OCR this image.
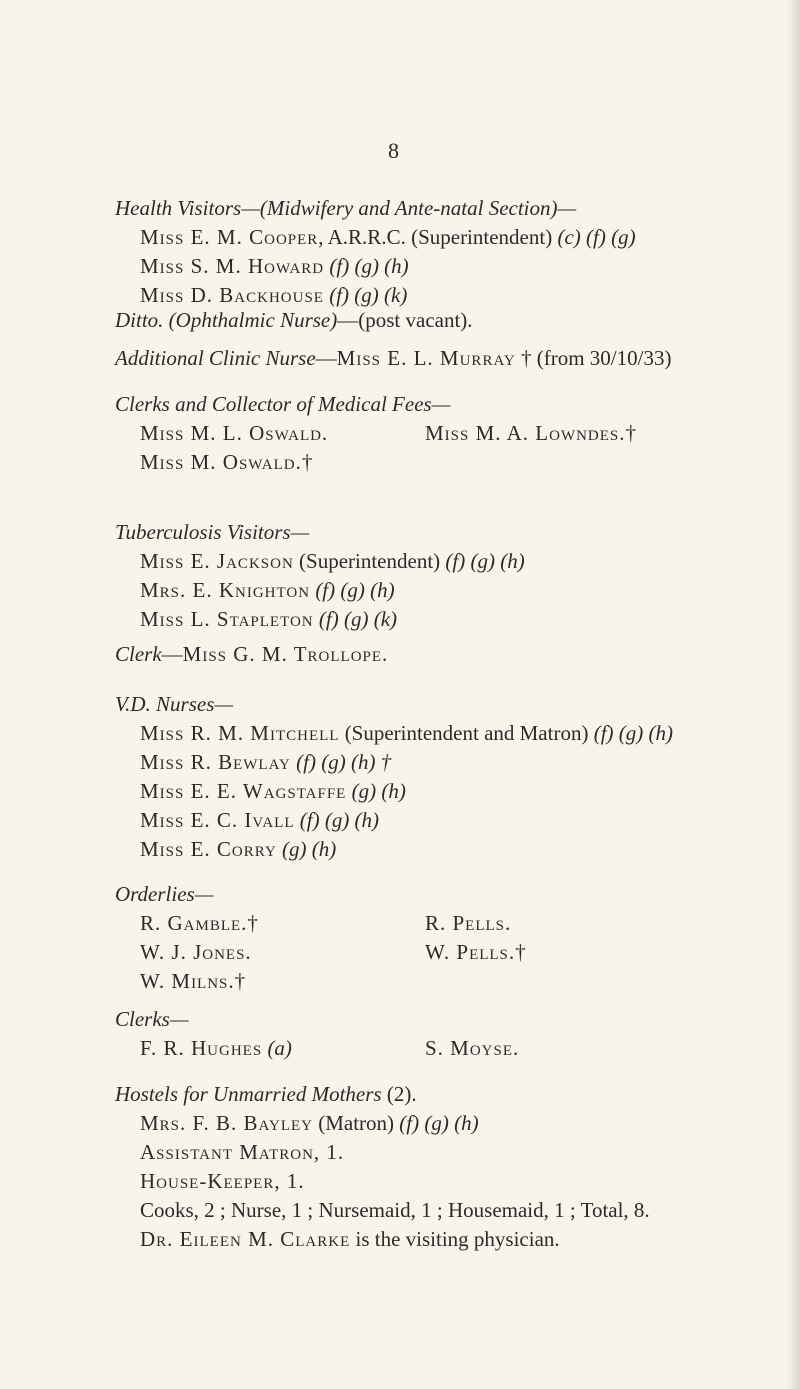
8
Health Visitors—(Midwifery and Ante-natal Section)—
Miss E. M. Cooper, A.R.R.C. (Superintendent) (c) (f) (g)
Miss S. M. Howard (f) (g) (h)
Miss D. Backhouse (f) (g) (k)
Ditto. (Ophthalmic Nurse)—(post vacant).
Additional Clinic Nurse—Miss E. L. Murray † (from 30/10/33)
Clerks and Collector of Medical Fees—
Miss M. L. Oswald.	Miss M. A. Lowndes.†
Miss M. Oswald.†
Tuberculosis Visitors—
Miss E. Jackson (Superintendent) (f) (g) (h)
Mrs. E. Knighton (f) (g) (h)
Miss L. Stapleton (f) (g) (k)
Clerk—Miss G. M. Trollope.
V.D. Nurses—
Miss R. M. Mitchell (Superintendent and Matron) (f) (g) (h)
Miss R. Bewlay (f) (g) (h) †
Miss E. E. Wagstaffe (g) (h)
Miss E. C. Ivall (f) (g) (h)
Miss E. Corry (g) (h)
Orderlies—
R. Gamble.†	R. Pells.
W. J. Jones.	W. Pells.†
W. Milns.†
Clerks—
F. R. Hughes (a)	S. Moyse.
Hostels for Unmarried Mothers (2).
Mrs. F. B. Bayley (Matron) (f) (g) (h)
Assistant Matron, 1.
House-Keeper, 1.
Cooks, 2 ; Nurse, 1 ; Nursemaid, 1 ; Housemaid, 1 ; Total, 8.
Dr. Eileen M. Clarke is the visiting physician.
